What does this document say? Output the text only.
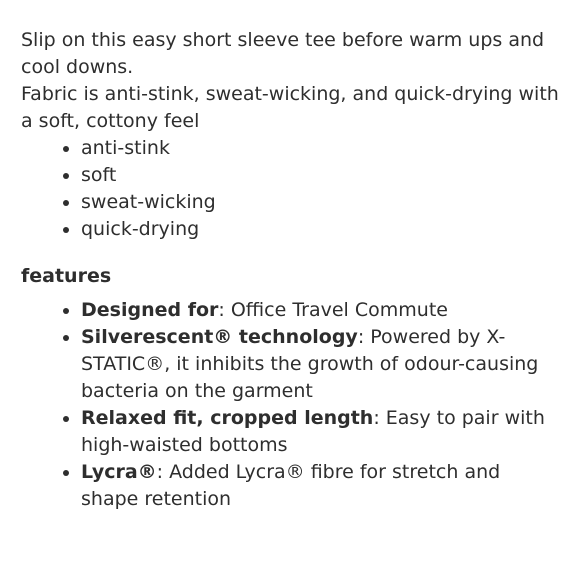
Slip on this easy short sleeve tee before warm ups and cool downs.

Fabric is anti-stink, sweat-wicking, and quick-drying with a soft, cottony feel

• anti-stink
• soft
• sweat-wicking
• quick-drying

features

• Designed for: Office Travel Commute
• Silverescent® technology: Powered by X-STATIC®, it inhibits the growth of odour-causing bacteria on the garment
• Relaxed fit, cropped length: Easy to pair with high-waisted bottoms
• Lycra®: Added Lycra® fibre for stretch and shape retention
